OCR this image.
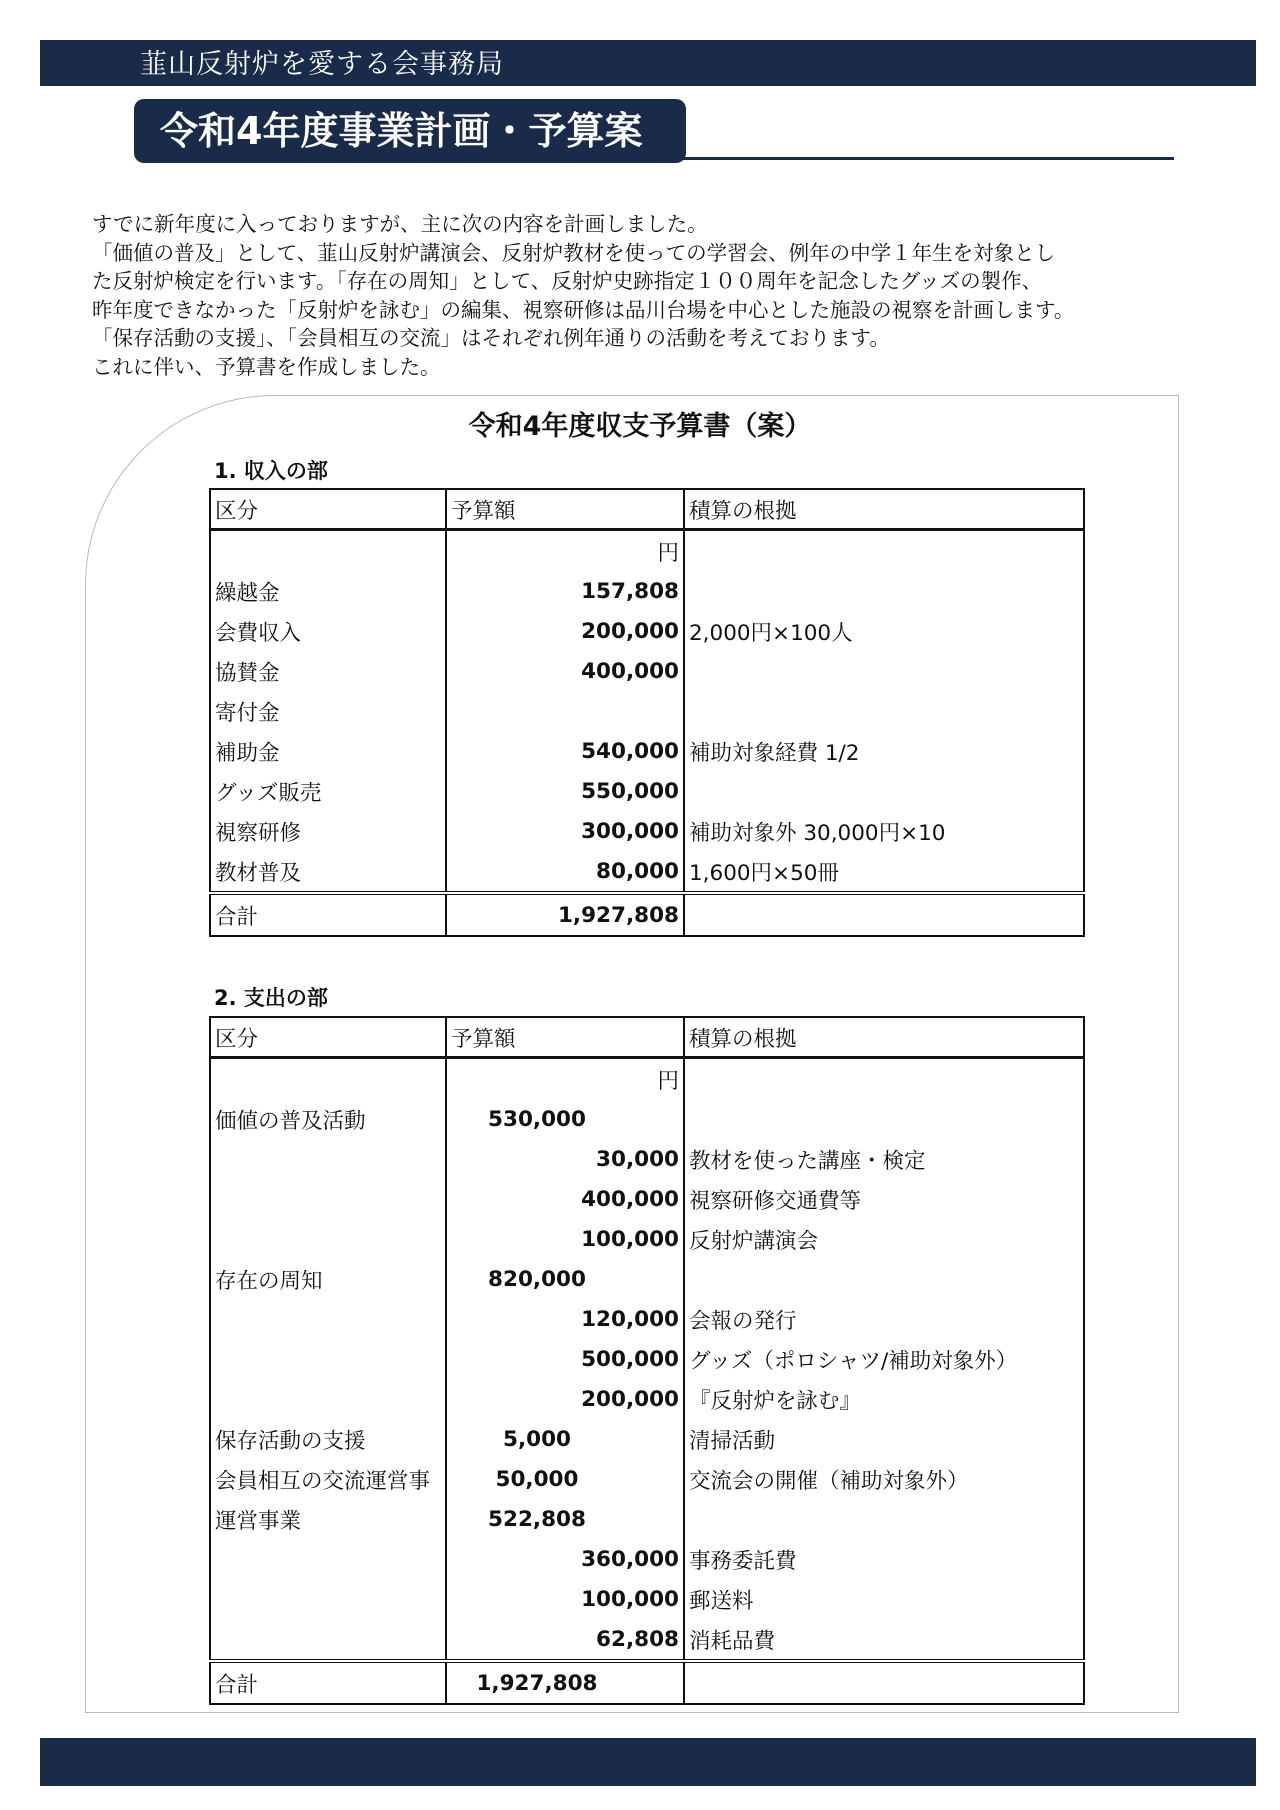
韮山反射炉を愛する会事務局
令和4年度事業計画・予算案
すでに新年度に入っておりますが、主に次の内容を計画しました。
「価値の普及」として、韮山反射炉講演会、反射炉教材を使っての学習会、例年の中学１年生を対象とし
た反射炉検定を行います。「存在の周知」として、反射炉史跡指定１００周年を記念したグッズの製作、
昨年度できなかった「反射炉を詠む」の編集、視察研修は品川台場を中心とした施設の視察を計画します。
「保存活動の支援」、「会員相互の交流」はそれぞれ例年通りの活動を考えております。
これに伴い、予算書を作成しました。
令和4年度収支予算書（案）
1. 収入の部
区分	予算額	積算の根拠
	円	
繰越金	157,808	
会費収入	200,000	2,000円×100人
協賛金	400,000	
寄付金		
補助金	540,000	補助対象経費 1/2
グッズ販売	550,000	
視察研修	300,000	補助対象外 30,000円×10
教材普及	80,000	1,600円×50冊
合計	1,927,808	
2. 支出の部
区分	予算額	積算の根拠
	円	
価値の普及活動	530,000	
	30,000	教材を使った講座・検定
	400,000	視察研修交通費等
	100,000	反射炉講演会
存在の周知	820,000	
	120,000	会報の発行
	500,000	グッズ（ポロシャツ/補助対象外）
	200,000	『反射炉を詠む』
保存活動の支援	5,000	清掃活動
会員相互の交流運営事	50,000	交流会の開催（補助対象外）
運営事業	522,808	
	360,000	事務委託費
	100,000	郵送料
	62,808	消耗品費
合計	1,927,808	
